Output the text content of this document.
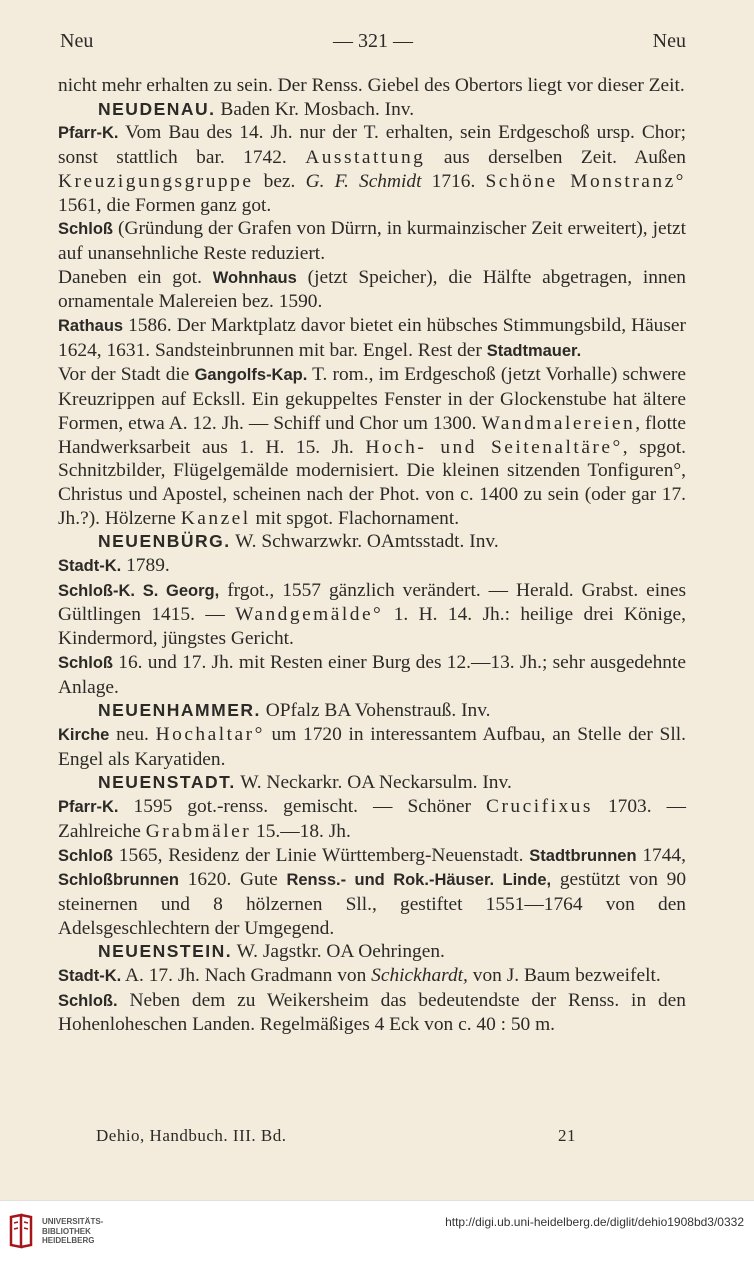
Neu	— 321 —	Neu

nicht mehr erhalten zu sein. Der Renss. Giebel des Obertors liegt vor dieser Zeit.

NEUDENAU. Baden Kr. Mosbach. Inv.

Pfarr-K. Vom Bau des 14. Jh. nur der T. erhalten, sein Erdgeschoß ursp. Chor; sonst stattlich bar. 1742. Ausstattung aus derselben Zeit. Außen Kreuzigungsgruppe bez. G. F. Schmidt 1716. Schöne Monstranz° 1561, die Formen ganz got.

Schloß (Gründung der Grafen von Dürrn, in kurmainzischer Zeit erweitert), jetzt auf unansehnliche Reste reduziert.

Daneben ein got. Wohnhaus (jetzt Speicher), die Hälfte abgetragen, innen ornamentale Malereien bez. 1590.

Rathaus 1586. Der Marktplatz davor bietet ein hübsches Stimmungsbild, Häuser 1624, 1631. Sandsteinbrunnen mit bar. Engel. Rest der Stadtmauer.

Vor der Stadt die Gangolfs-Kap. T. rom., im Erdgeschoß (jetzt Vorhalle) schwere Kreuzrippen auf Ecksll. Ein gekuppeltes Fenster in der Glockenstube hat ältere Formen, etwa A. 12. Jh. — Schiff und Chor um 1300. Wandmalereien, flotte Handwerksarbeit aus 1. H. 15. Jh. Hoch- und Seitenaltäre°, spgot. Schnitzbilder, Flügelgemälde modernisiert. Die kleinen sitzenden Tonfiguren°, Christus und Apostel, scheinen nach der Phot. von c. 1400 zu sein (oder gar 17. Jh.?). Hölzerne Kanzel mit spgot. Flachornament.

NEUENBÜRG. W. Schwarzwkr. OAmtsstadt. Inv.

Stadt-K. 1789.

Schloß-K. S. Georg, frgot., 1557 gänzlich verändert. — Herald. Grabst. eines Gültlingen 1415. — Wandgemälde° 1. H. 14. Jh.: heilige drei Könige, Kindermord, jüngstes Gericht.

Schloß 16. und 17. Jh. mit Resten einer Burg des 12.—13. Jh.; sehr ausgedehnte Anlage.

NEUENHAMMER. OPfalz BA Vohenstrauß. Inv.

Kirche neu. Hochaltar° um 1720 in interessantem Aufbau, an Stelle der Sll. Engel als Karyatiden.

NEUENSTADT. W. Neckarkr. OA Neckarsulm. Inv.

Pfarr-K. 1595 got.-renss. gemischt. — Schöner Crucifixus 1703. — Zahlreiche Grabmäler 15.—18. Jh.

Schloß 1565, Residenz der Linie Württemberg-Neuenstadt. Stadtbrunnen 1744, Schloßbrunnen 1620. Gute Renss.- und Rok.-Häuser. Linde, gestützt von 90 steinernen und 8 hölzernen Sll., gestiftet 1551—1764 von den Adelsgeschlechtern der Umgegend.

NEUENSTEIN. W. Jagstkr. OA Oehringen.

Stadt-K. A. 17. Jh. Nach Gradmann von Schickhardt, von J. Baum bezweifelt.

Schloß. Neben dem zu Weikersheim das bedeutendste der Renss. in den Hohenloheschen Landen. Regelmäßiges 4 Eck von c. 40 : 50 m.

Dehio, Handbuch. III. Bd.	21
UNIVERSITÄTS-
BIBLIOTHEK
HEIDELBERG
http://digi.ub.uni-heidelberg.de/diglit/dehio1908bd3/0332
